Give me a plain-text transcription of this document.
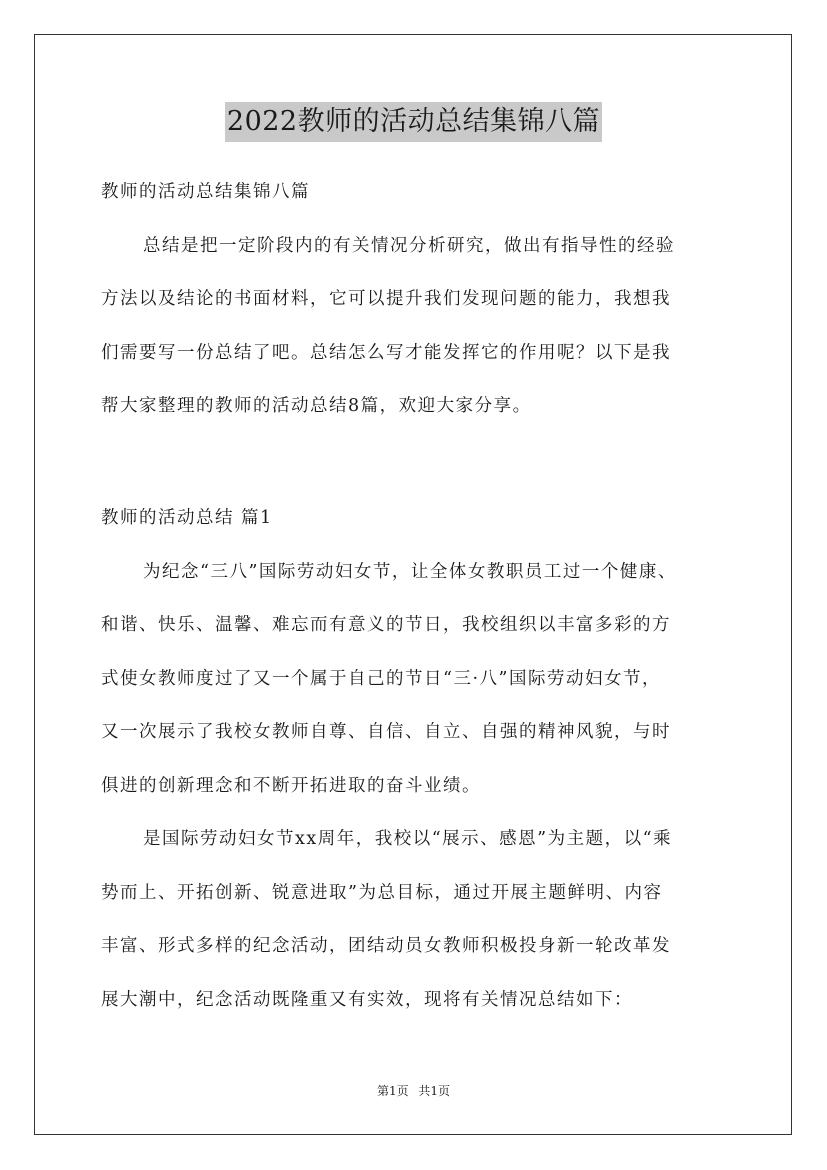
2022教师的活动总结集锦八篇
教师的活动总结集锦八篇
总结是把一定阶段内的有关情况分析研究，做出有指导性的经验
方法以及结论的书面材料，它可以提升我们发现问题的能力，我想我
们需要写一份总结了吧。总结怎么写才能发挥它的作用呢？以下是我
帮大家整理的教师的活动总结8篇，欢迎大家分享。
教师的活动总结 篇1
为纪念“三八”国际劳动妇女节，让全体女教职员工过一个健康、
和谐、快乐、温馨、难忘而有意义的节日，我校组织以丰富多彩的方
式使女教师度过了又一个属于自己的节日“三·八”国际劳动妇女节，
又一次展示了我校女教师自尊、自信、自立、自强的精神风貌，与时
俱进的创新理念和不断开拓进取的奋斗业绩。
是国际劳动妇女节xx周年，我校以“展示、感恩”为主题，以“乘
势而上、开拓创新、锐意进取”为总目标，通过开展主题鲜明、内容
丰富、形式多样的纪念活动，团结动员女教师积极投身新一轮改革发
展大潮中，纪念活动既隆重又有实效，现将有关情况总结如下：
第1页 共1页
